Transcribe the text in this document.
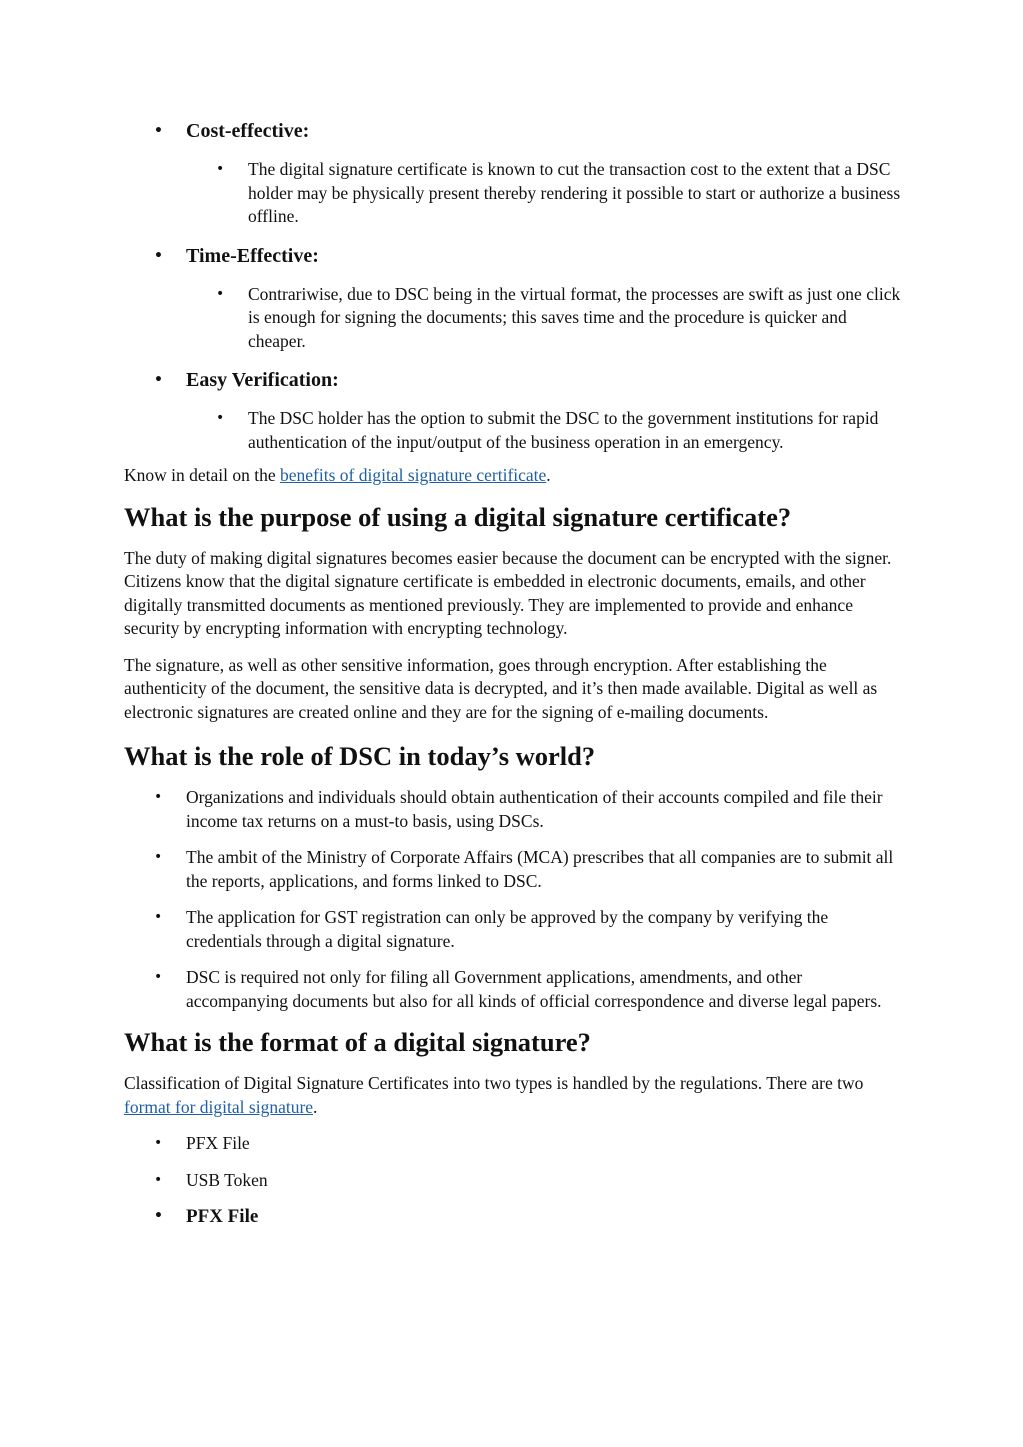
• Cost-effective:
• The digital signature certificate is known to cut the transaction cost to the extent that a DSC holder may be physically present thereby rendering it possible to start or authorize a business offline.
• Time-Effective:
• Contrariwise, due to DSC being in the virtual format, the processes are swift as just one click is enough for signing the documents; this saves time and the procedure is quicker and cheaper.
• Easy Verification:
• The DSC holder has the option to submit the DSC to the government institutions for rapid authentication of the input/output of the business operation in an emergency.

Know in detail on the benefits of digital signature certificate.

What is the purpose of using a digital signature certificate?

The duty of making digital signatures becomes easier because the document can be encrypted with the signer. Citizens know that the digital signature certificate is embedded in electronic documents, emails, and other digitally transmitted documents as mentioned previously. They are implemented to provide and enhance security by encrypting information with encrypting technology.

The signature, as well as other sensitive information, goes through encryption. After establishing the authenticity of the document, the sensitive data is decrypted, and it’s then made available. Digital as well as electronic signatures are created online and they are for the signing of e-mailing documents.

What is the role of DSC in today’s world?
• Organizations and individuals should obtain authentication of their accounts compiled and file their income tax returns on a must-to basis, using DSCs.
• The ambit of the Ministry of Corporate Affairs (MCA) prescribes that all companies are to submit all the reports, applications, and forms linked to DSC.
• The application for GST registration can only be approved by the company by verifying the credentials through a digital signature.
• DSC is required not only for filing all Government applications, amendments, and other accompanying documents but also for all kinds of official correspondence and diverse legal papers.
What is the format of a digital signature?

Classification of Digital Signature Certificates into two types is handled by the regulations. There are two format for digital signature.

• PFX File
• USB Token
• PFX File
